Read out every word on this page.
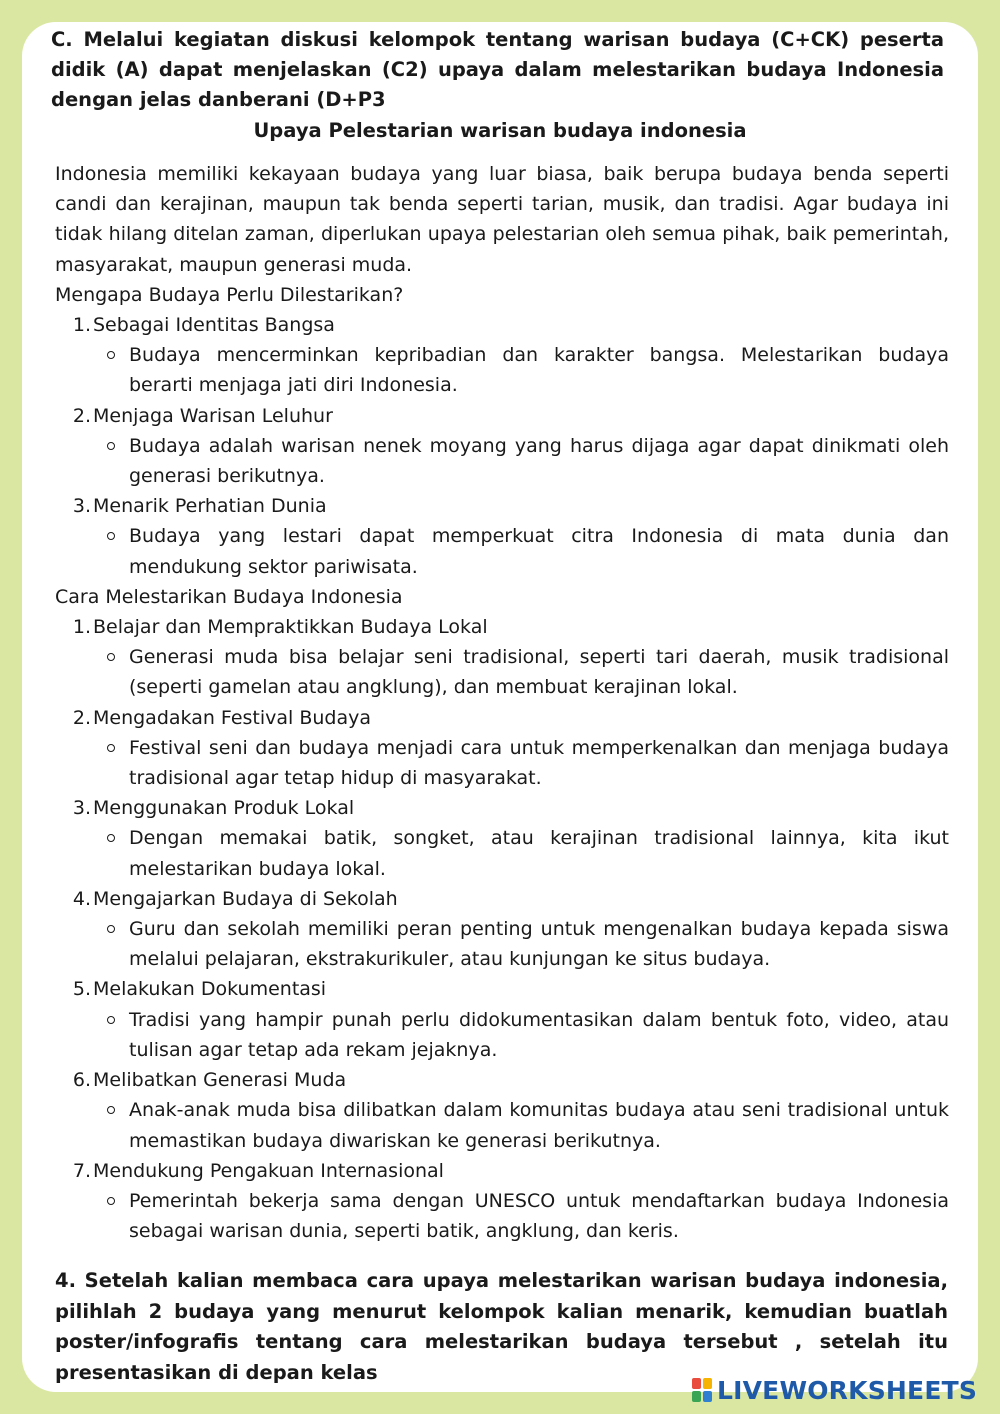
C. Melalui kegiatan diskusi kelompok tentang warisan budaya (C+CK) peserta didik (A) dapat menjelaskan (C2) upaya dalam melestarikan budaya Indonesia dengan jelas danberani (D+P3
Upaya Pelestarian warisan budaya indonesia

Indonesia memiliki kekayaan budaya yang luar biasa, baik berupa budaya benda seperti candi dan kerajinan, maupun tak benda seperti tarian, musik, dan tradisi. Agar budaya ini tidak hilang ditelan zaman, diperlukan upaya pelestarian oleh semua pihak, baik pemerintah, masyarakat, maupun generasi muda.

Mengapa Budaya Perlu Dilestarikan?

1. Sebagai Identitas Bangsa
Budaya mencerminkan kepribadian dan karakter bangsa. Melestarikan budaya berarti menjaga jati diri Indonesia.
2. Menjaga Warisan Leluhur
Budaya adalah warisan nenek moyang yang harus dijaga agar dapat dinikmati oleh generasi berikutnya.
3. Menarik Perhatian Dunia
Budaya yang lestari dapat memperkuat citra Indonesia di mata dunia dan mendukung sektor pariwisata.

Cara Melestarikan Budaya Indonesia

1. Belajar dan Mempraktikkan Budaya Lokal
Generasi muda bisa belajar seni tradisional, seperti tari daerah, musik tradisional (seperti gamelan atau angklung), dan membuat kerajinan lokal.
2. Mengadakan Festival Budaya
Festival seni dan budaya menjadi cara untuk memperkenalkan dan menjaga budaya tradisional agar tetap hidup di masyarakat.
3. Menggunakan Produk Lokal
Dengan memakai batik, songket, atau kerajinan tradisional lainnya, kita ikut melestarikan budaya lokal.
4. Mengajarkan Budaya di Sekolah
Guru dan sekolah memiliki peran penting untuk mengenalkan budaya kepada siswa melalui pelajaran, ekstrakurikuler, atau kunjungan ke situs budaya.
5. Melakukan Dokumentasi
Tradisi yang hampir punah perlu didokumentasikan dalam bentuk foto, video, atau tulisan agar tetap ada rekam jejaknya.
6. Melibatkan Generasi Muda
Anak-anak muda bisa dilibatkan dalam komunitas budaya atau seni tradisional untuk memastikan budaya diwariskan ke generasi berikutnya.
7. Mendukung Pengakuan Internasional
Pemerintah bekerja sama dengan UNESCO untuk mendaftarkan budaya Indonesia sebagai warisan dunia, seperti batik, angklung, dan keris.
4. Setelah kalian membaca cara upaya melestarikan warisan budaya indonesia, pilihlah 2 budaya yang menurut kelompok kalian menarik, kemudian buatlah poster/infografis tentang cara melestarikan budaya tersebut , setelah itu presentasikan di depan kelas
LIVEWORKSHEETS
